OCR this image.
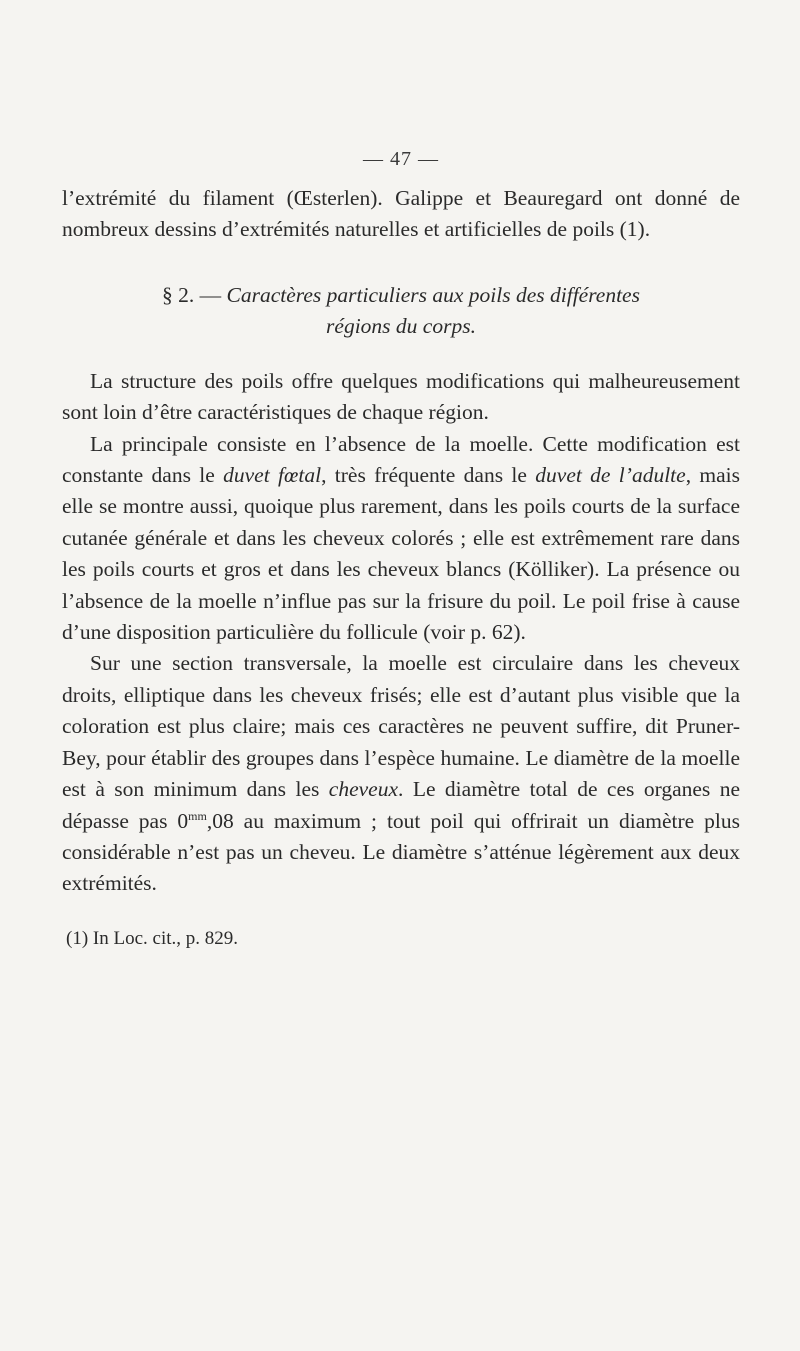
— 47 —

l’extrémité du filament (Œsterlen). Galippe et Beauregard ont donné de nombreux dessins d’extrémités naturelles et artificielles de poils (1).

§ 2. — Caractères particuliers aux poils des différentes
régions du corps.

La structure des poils offre quelques modifications qui malheureusement sont loin d’être caractéristiques de chaque région.

La principale consiste en l’absence de la moelle. Cette modification est constante dans le duvet fœtal, très fréquente dans le duvet de l’adulte, mais elle se montre aussi, quoique plus rarement, dans les poils courts de la surface cutanée générale et dans les cheveux colorés ; elle est extrêmement rare dans les poils courts et gros et dans les cheveux blancs (Kölliker). La présence ou l’absence de la moelle n’influe pas sur la frisure du poil. Le poil frise à cause d’une disposition particulière du follicule (voir p. 62).

Sur une section transversale, la moelle est circulaire dans les cheveux droits, elliptique dans les cheveux frisés; elle est d’autant plus visible que la coloration est plus claire; mais ces caractères ne peuvent suffire, dit Pruner-Bey, pour établir des groupes dans l’espèce humaine. Le diamètre de la moelle est à son minimum dans les cheveux. Le diamètre total de ces organes ne dépasse pas $0^{mm},08$ au maximum ; tout poil qui offrirait un diamètre plus considérable n’est pas un cheveu. Le diamètre s’atténue légèrement aux deux extrémités.

(1) In Loc. cit., p. 829.
